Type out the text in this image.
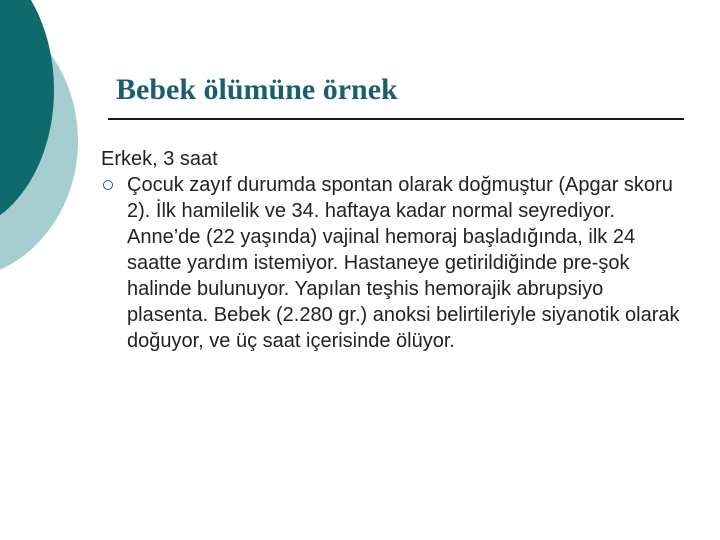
Bebek ölümüne örnek

Erkek, 3 saat

Çocuk zayıf durumda spontan olarak doğmuştur (Apgar skoru 2). İlk hamilelik ve 34. haftaya kadar normal seyrediyor. Anne’de (22 yaşında) vajinal hemoraj başladığında, ilk 24 saatte yardım istemiyor. Hastaneye getirildiğinde pre-şok halinde bulunuyor. Yapılan teşhis hemorajik abrupsiyo plasenta. Bebek (2.280 gr.) anoksi belirtileriyle siyanotik olarak doğuyor, ve üç saat içerisinde ölüyor.
